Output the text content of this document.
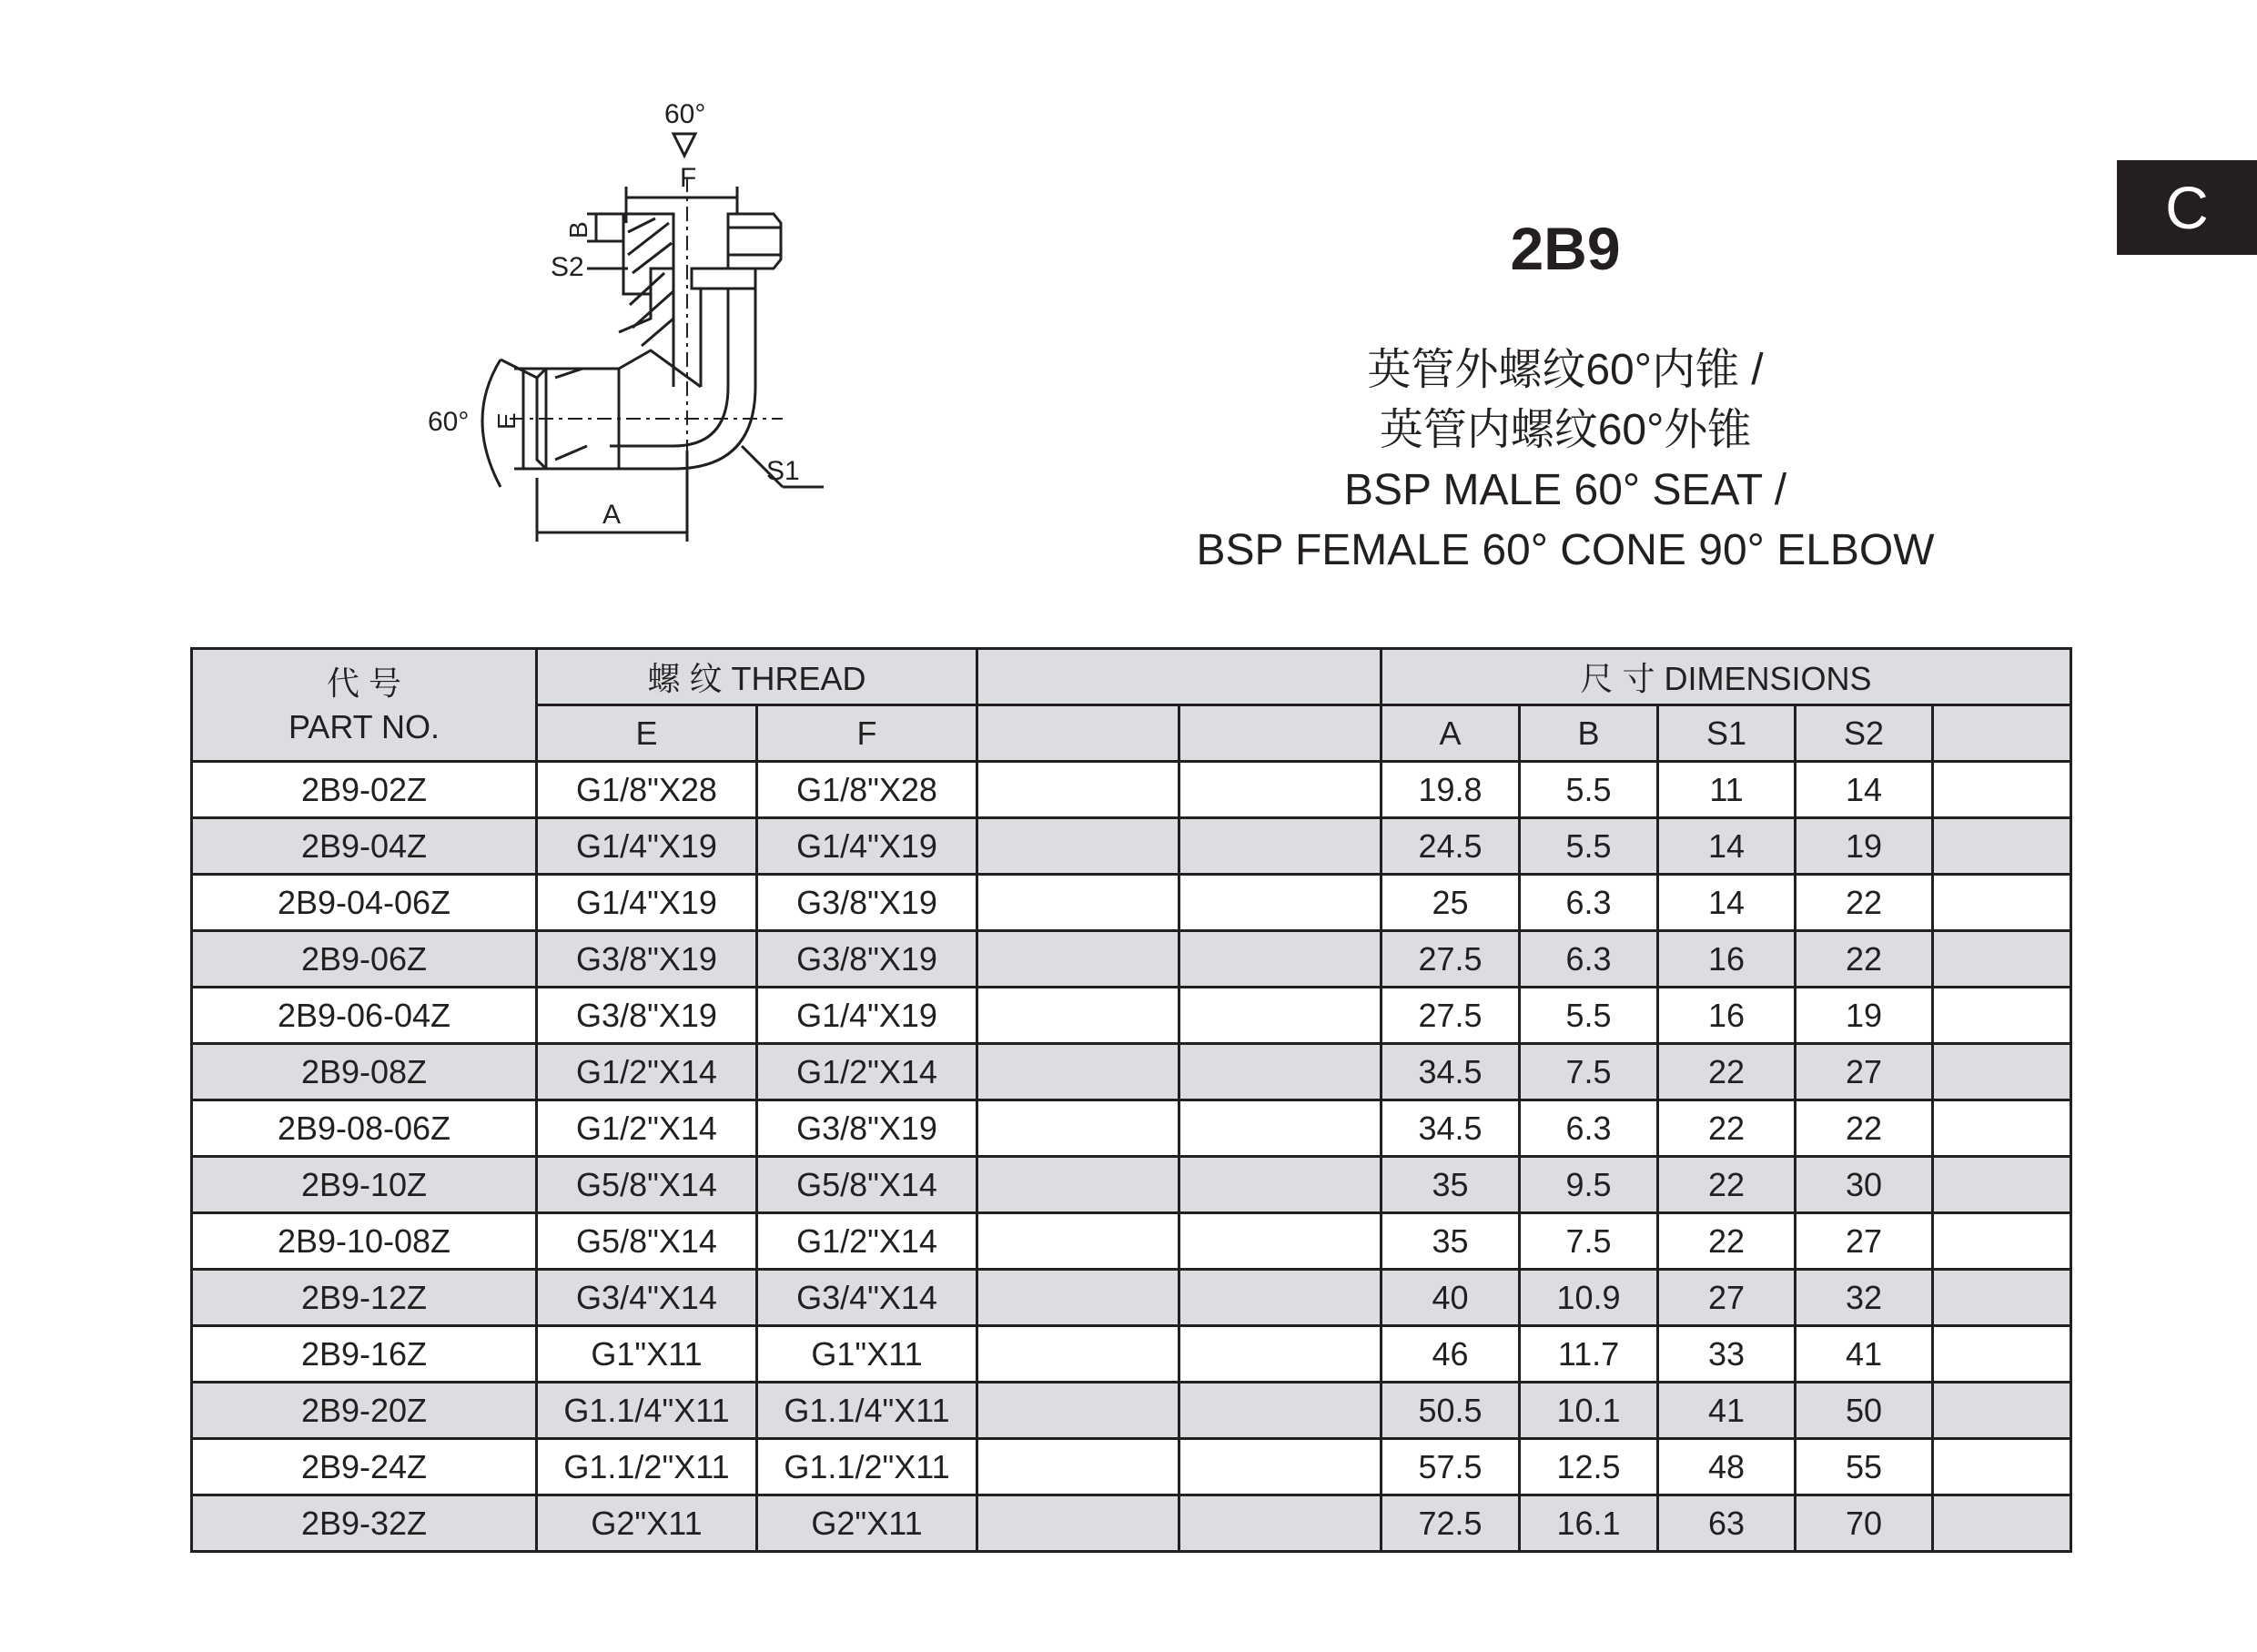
C
60°
F
B
S2
60° E
S1
A
2B9
英管外螺纹60°内锥 /
英管内螺纹60°外锥
BSP MALE 60° SEAT /
BSP FEMALE 60° CONE 90° ELBOW
代 号
PART NO.	螺 纹 THREAD				尺 寸 DIMENSIONS				
	E	F			A	B	S1	S2	
2B9-02Z	G1/8"X28	G1/8"X28			19.8	5.5	11	14	
2B9-04Z	G1/4"X19	G1/4"X19			24.5	5.5	14	19	
2B9-04-06Z	G1/4"X19	G3/8"X19			25	6.3	14	22	
2B9-06Z	G3/8"X19	G3/8"X19			27.5	6.3	16	22	
2B9-06-04Z	G3/8"X19	G1/4"X19			27.5	5.5	16	19	
2B9-08Z	G1/2"X14	G1/2"X14			34.5	7.5	22	27	
2B9-08-06Z	G1/2"X14	G3/8"X19			34.5	6.3	22	22	
2B9-10Z	G5/8"X14	G5/8"X14			35	9.5	22	30	
2B9-10-08Z	G5/8"X14	G1/2"X14			35	7.5	22	27	
2B9-12Z	G3/4"X14	G3/4"X14			40	10.9	27	32	
2B9-16Z	G1"X11	G1"X11			46	11.7	33	41	
2B9-20Z	G1.1/4"X11	G1.1/4"X11			50.5	10.1	41	50	
2B9-24Z	G1.1/2"X11	G1.1/2"X11			57.5	12.5	48	55	
2B9-32Z	G2"X11	G2"X11			72.5	16.1	63	70	
